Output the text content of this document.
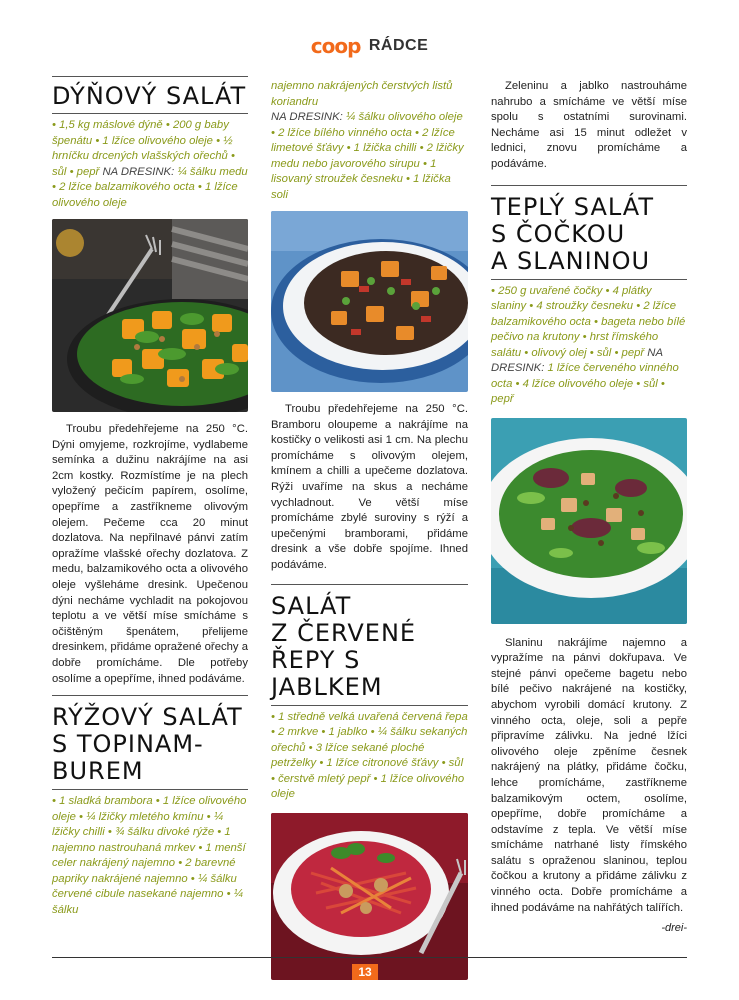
coop RÁDCE
DÝŇOVÝ SALÁT
• 1,5 kg máslové dýně • 200 g baby špenátu • 1 lžíce olivového oleje • ½ hrníčku drcených vlašských ořechů • sůl • pepř NA DRESINK: ¼ šálku medu • 2 lžíce balzamikového octa • 1 lžíce olivového oleje

Troubu předehřejeme na 250 °C. Dýni omyjeme, rozkrojíme, vydlabeme semínka a dužinu nakrájíme na asi 2cm kostky. Rozmístíme je na plech vyložený pečicím papírem, osolíme, opepříme a zastříkneme olivovým olejem. Pečeme cca 20 minut dozlatova. Na nepřilnavé pánvi zatím opražíme vlašské ořechy dozlatova. Z medu, balzamikového octa a olivového oleje vyšleháme dresink. Upečenou dýni necháme vychladit na pokojovou teplotu a ve větší míse smícháme s očištěným špenátem, přelijeme dresinkem, přidáme opražené ořechy a dobře promícháme. Dle potřeby osolíme a opepříme, ihned podáváme.

RÝŽOVÝ SALÁT
S TOPINAM-
BUREM
• 1 sladká brambora • 1 lžíce olivového oleje • ¼ lžičky mletého kmínu • ¼ lžičky chilli • ¾ šálku divoké rýže • 1 najemno nastrouhaná mrkev • 1 menší celer nakrájený najemno • 2 barevné papriky nakrájené najemno • ¼ šálku červené cibule nasekané najemno • ¼ šálku
najemno nakrájených čerstvých listů koriandru
NA DRESINK: ¼ šálku olivového oleje • 2 lžíce bílého vinného octa • 2 lžíce limetové šťávy • 1 lžička chilli • 2 lžičky medu nebo javorového sirupu • 1 lisovaný stroužek česneku • 1 lžička soli

Troubu předehřejeme na 250 °C. Bramboru oloupeme a nakrájíme na kostičky o velikosti asi 1 cm. Na plechu promícháme s olivovým olejem, kmínem a chilli a upečeme dozlatova. Rýži uvaříme na skus a necháme vychladnout. Ve větší míse promícháme zbylé suroviny s rýží a upečenými bramborami, přidáme dresink a vše dobře spojíme. Ihned podáváme.

SALÁT
Z ČERVENÉ
ŘEPY S JABLKEM
• 1 středně velká uvařená červená řepa • 2 mrkve • 1 jablko • ¼ šálku sekaných ořechů • 3 lžíce sekané ploché petrželky • 1 lžíce citronové šťávy • sůl • čerstvě mletý pepř • 1 lžíce olivového oleje

Zeleninu a jablko nastrouháme nahrubo a smícháme ve větší míse spolu s ostatními surovinami. Necháme asi 15 minut odležet v lednici, znovu promícháme a podáváme.

TEPLÝ SALÁT
S ČOČKOU
A SLANINOU
• 250 g uvařené čočky • 4 plátky slaniny • 4 stroužky česneku • 2 lžíce balzamikového octa • bageta nebo bílé pečivo na krutony • hrst římského salátu • olivový olej • sůl • pepř NA DRESINK: 1 lžíce červeného vinného octa • 4 lžíce olivového oleje • sůl • pepř

Slaninu nakrájíme najemno a vypražíme na pánvi dokřupava. Ve stejné pánvi opečeme bagetu nebo bílé pečivo nakrájené na kostičky, abychom vyrobili domácí krutony. Z vinného octa, oleje, soli a pepře připravíme zálivku. Na jedné lžíci olivového oleje zpěníme česnek nakrájený na plátky, přidáme čočku, lehce promícháme, zastříkneme balzamikovým octem, osolíme, opepříme, dobře promícháme a odstavíme z tepla. Ve větší míse smícháme natrhané listy římského salátu s opraženou slaninou, teplou čočkou a krutony a přidáme zálivku z vinného octa. Dobře promícháme a ihned podáváme na nahřátých talířích.

-drei-
13
